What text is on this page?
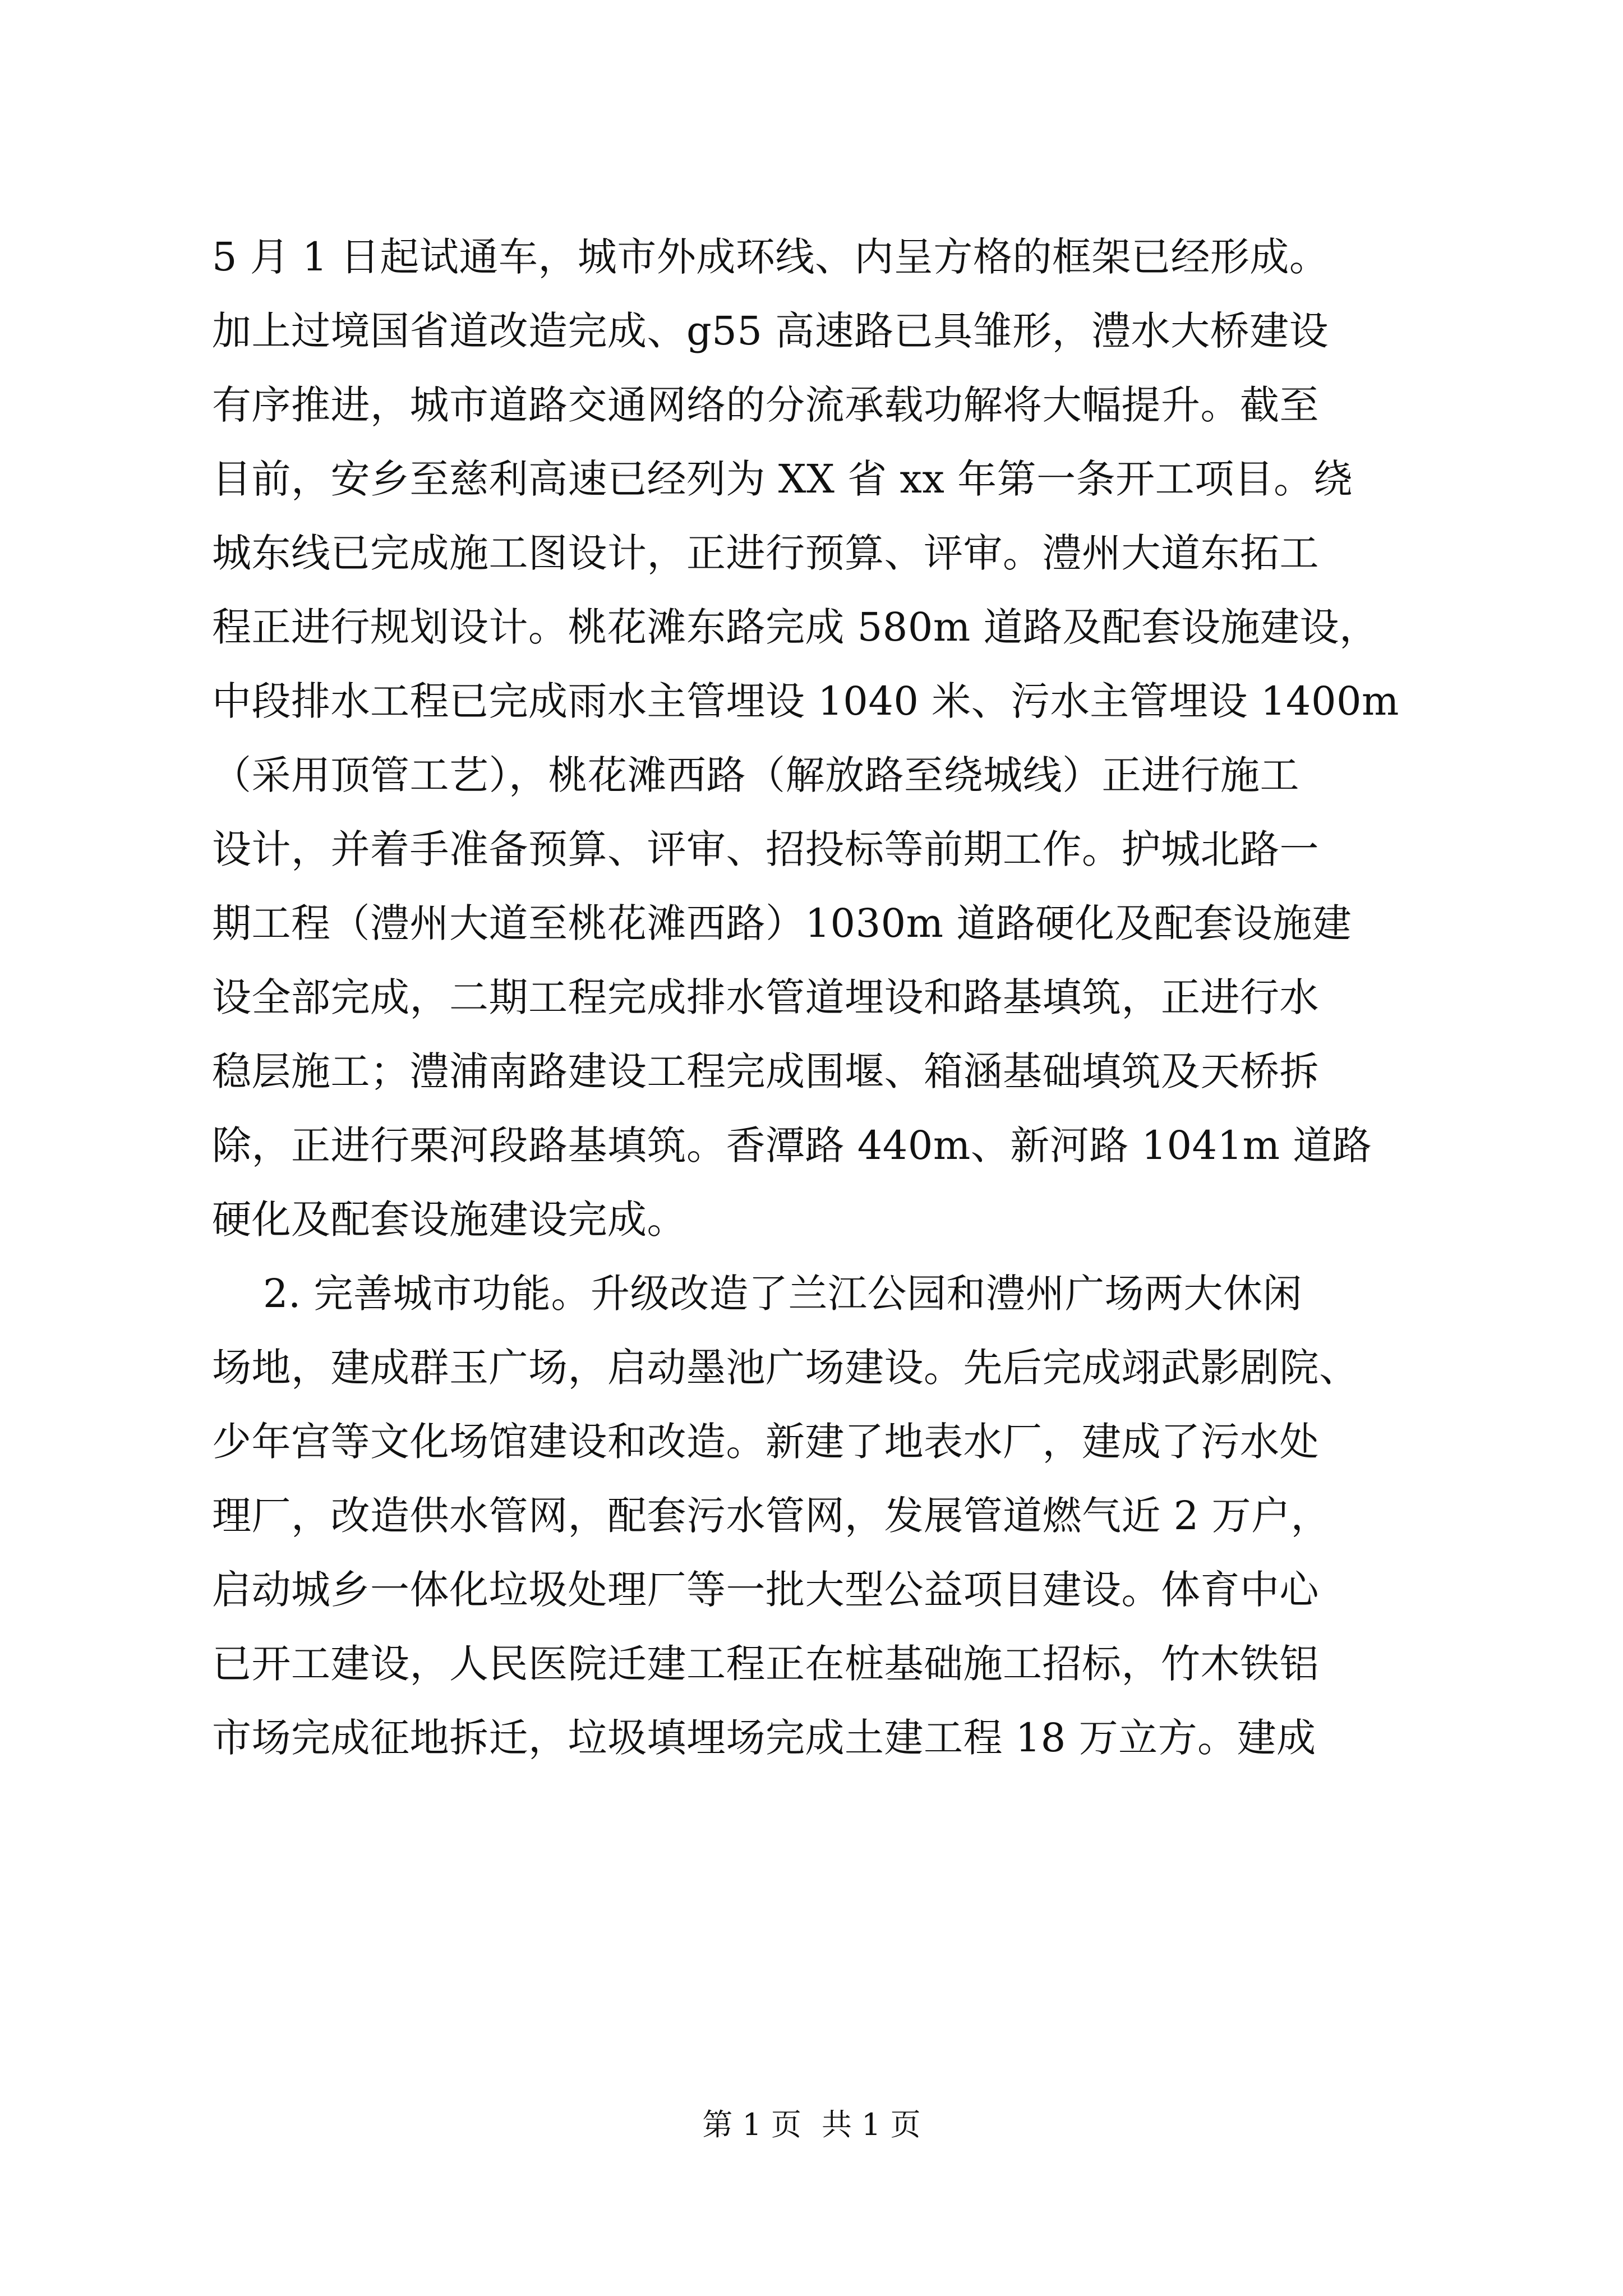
5 月 1 日起试通车，城市外成环线、内呈方格的框架已经形成。
加上过境国省道改造完成、g55 高速路已具雏形，澧水大桥建设
有序推进，城市道路交通网络的分流承载功解将大幅提升。截至
目前，安乡至慈利高速已经列为 XX 省 xx 年第一条开工项目。绕
城东线已完成施工图设计，正进行预算、评审。澧州大道东拓工
程正进行规划设计。桃花滩东路完成 580m 道路及配套设施建设，
中段排水工程已完成雨水主管埋设 1040 米、污水主管埋设 1400m
（采用顶管工艺），桃花滩西路（解放路至绕城线）正进行施工
设计，并着手准备预算、评审、招投标等前期工作。护城北路一
期工程（澧州大道至桃花滩西路）1030m 道路硬化及配套设施建
设全部完成，二期工程完成排水管道埋设和路基填筑，正进行水
稳层施工；澧浦南路建设工程完成围堰、箱涵基础填筑及天桥拆
除，正进行栗河段路基填筑。香潭路 440m、新河路 1041m 道路
硬化及配套设施建设完成。
2. 完善城市功能。升级改造了兰江公园和澧州广场两大休闲
场地，建成群玉广场，启动墨池广场建设。先后完成翊武影剧院、
少年宫等文化场馆建设和改造。新建了地表水厂，建成了污水处
理厂，改造供水管网，配套污水管网，发展管道燃气近 2 万户，
启动城乡一体化垃圾处理厂等一批大型公益项目建设。体育中心
已开工建设，人民医院迁建工程正在桩基础施工招标，竹木铁铝
市场完成征地拆迁，垃圾填埋场完成土建工程 18 万立方。建成
第 1 页 共 1 页
